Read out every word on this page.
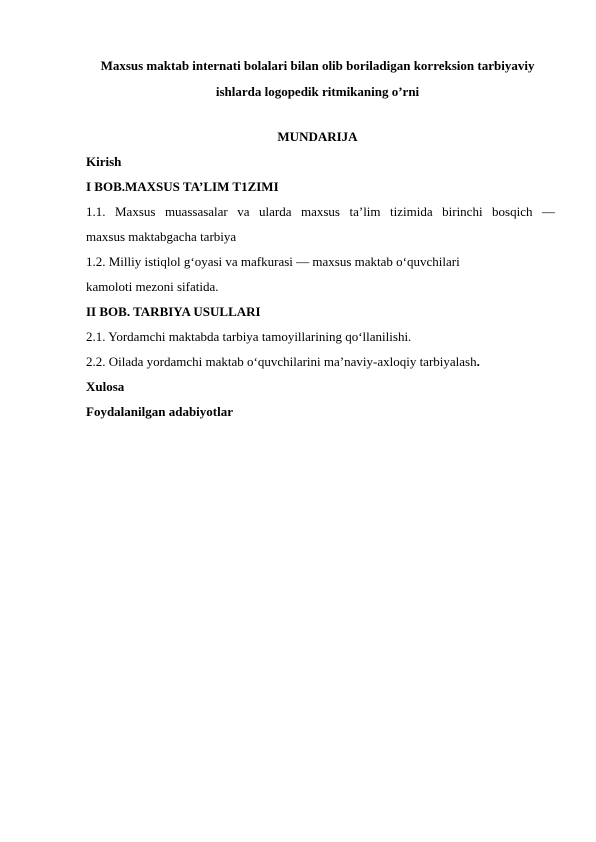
Maxsus maktab internati bolalari bilan olib boriladigan korreksion tarbiyaviy
ishlarda logopedik ritmikaning o’rni
MUNDARIJA
Kirish
I BOB.MAXSUS TA’LIM T1ZIMI
1.1. Maxsus muassasalar va ularda maxsus ta’lim tizimida birinchi bosqich —
maxsus maktabgacha tarbiya
1.2. Milliy istiqlol g‘oyasi va mafkurasi — maxsus maktab o‘quvchilari
kamoloti mezoni sifatida.
II BOB. TARBIYA USULLARI
2.1. Yordamchi maktabda tarbiya tamoyillarining qo‘llanilishi.
2.2. Oilada yordamchi maktab o‘quvchilarini ma’naviy-axloqiy tarbiyalash.
Xulosa
Foydalanilgan adabiyotlar
